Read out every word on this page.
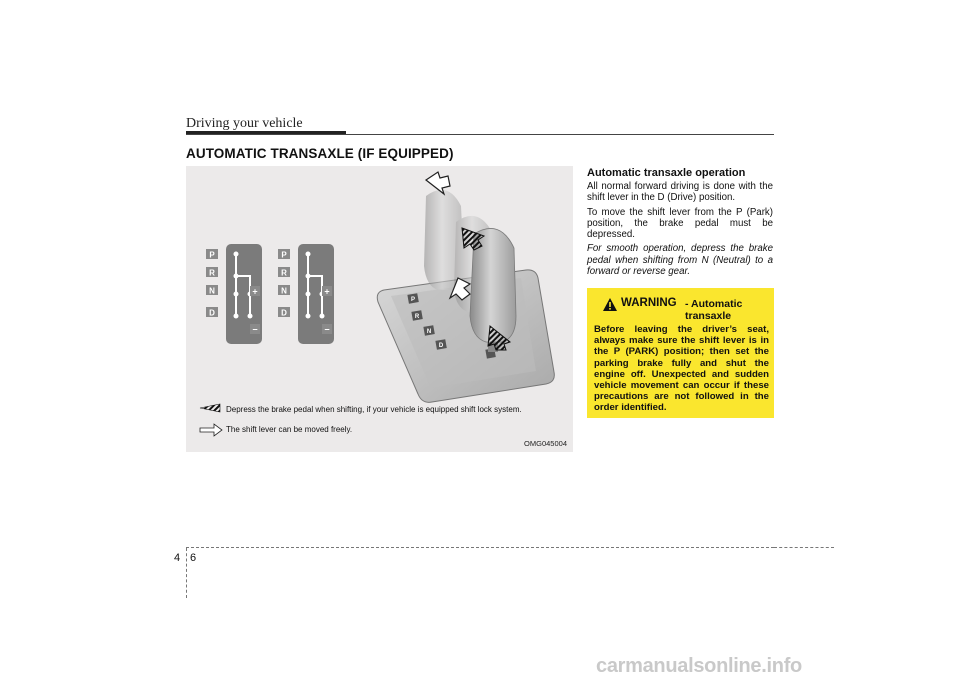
Driving your vehicle
AUTOMATIC TRANSAXLE (IF EQUIPPED)
P
R
N
D
+
−
P
R
N
D
+
−
P
R
N
D
Depress the brake pedal when shifting, if your vehicle is equipped shift lock system.
The shift lever can be moved freely.
OMG045004
Automatic transaxle operation

All normal forward driving is done with the shift lever in the D (Drive) position.

To move the shift lever from the P (Park) position, the brake pedal must be depressed.

For smooth operation, depress the brake pedal when shifting from N (Neutral) to a forward or reverse gear.

WARNING - Automatic transaxle
Before leaving the driver’s seat, always make sure the shift lever is in the P (PARK) position; then set the parking brake fully and shut the engine off. Unexpected and sudden vehicle movement can occur if these precautions are not followed in the order identified.
4 6
carmanualsonline.info
